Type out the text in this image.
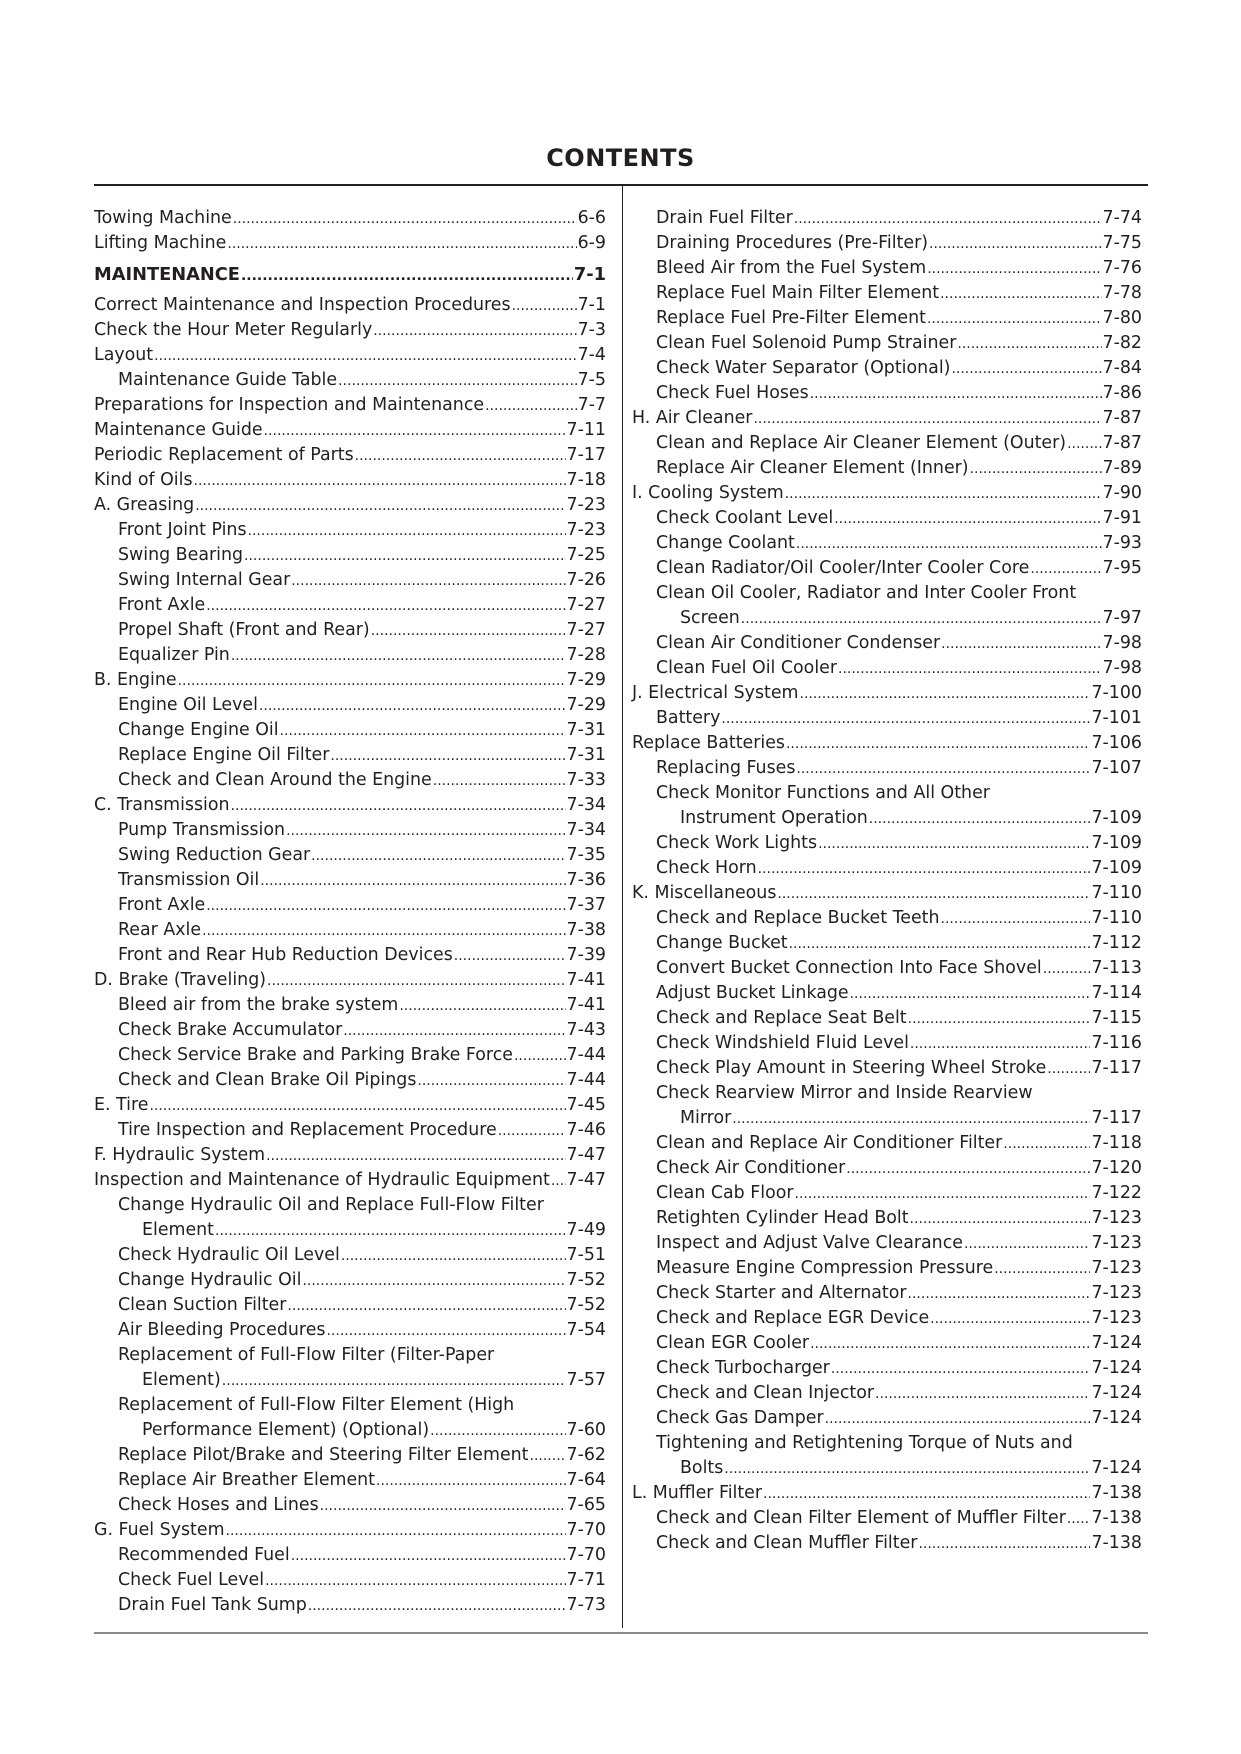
CONTENTS
Towing Machine .....	6-6
Lifting Machine .....	6-9
MAINTENANCE .....	7-1
Correct Maintenance and Inspection Procedures .....	7-1
Check the Hour Meter Regularly .....	7-3
Layout .....	7-4
Maintenance Guide Table .....	7-5
Preparations for Inspection and Maintenance .....	7-7
Maintenance Guide .....	7-11
Periodic Replacement of Parts .....	7-17
Kind of Oils .....	7-18
A. Greasing .....	7-23
Front Joint Pins .....	7-23
Swing Bearing .....	7-25
Swing Internal Gear .....	7-26
Front Axle .....	7-27
Propel Shaft (Front and Rear) .....	7-27
Equalizer Pin .....	7-28
B. Engine .....	7-29
Engine Oil Level .....	7-29
Change Engine Oil .....	7-31
Replace Engine Oil Filter .....	7-31
Check and Clean Around the Engine .....	7-33
C. Transmission .....	7-34
Pump Transmission .....	7-34
Swing Reduction Gear .....	7-35
Transmission Oil .....	7-36
Front Axle .....	7-37
Rear Axle .....	7-38
Front and Rear Hub Reduction Devices .....	7-39
D. Brake (Traveling) .....	7-41
Bleed air from the brake system .....	7-41
Check Brake Accumulator .....	7-43
Check Service Brake and Parking Brake Force .....	7-44
Check and Clean Brake Oil Pipings .....	7-44
E. Tire .....	7-45
Tire Inspection and Replacement Procedure .....	7-46
F. Hydraulic System .....	7-47
Inspection and Maintenance of Hydraulic Equipment ..... 7-47
Change Hydraulic Oil and Replace Full-Flow Filter
Element .....	7-49
Check Hydraulic Oil Level .....	7-51
Change Hydraulic Oil .....	7-52
Clean Suction Filter .....	7-52
Air Bleeding Procedures .....	7-54
Replacement of Full-Flow Filter (Filter-Paper
Element) .....	7-57
Replacement of Full-Flow Filter Element (High
Performance Element) (Optional) .....	7-60
Replace Pilot/Brake and Steering Filter Element ..... 7-62
Replace Air Breather Element .....	7-64
Check Hoses and Lines .....	7-65
G. Fuel System .....	7-70
Recommended Fuel .....	7-70
Check Fuel Level .....	7-71
Drain Fuel Tank Sump .....	7-73
Drain Fuel Filter .....	7-74
Draining Procedures (Pre-Filter) .....	7-75
Bleed Air from the Fuel System .....	7-76
Replace Fuel Main Filter Element .....	7-78
Replace Fuel Pre-Filter Element .....	7-80
Clean Fuel Solenoid Pump Strainer .....	7-82
Check Water Separator (Optional) .....	7-84
Check Fuel Hoses .....	7-86
H. Air Cleaner .....	7-87
Clean and Replace Air Cleaner Element (Outer) ..... 7-87
Replace Air Cleaner Element (Inner) .....	7-89
I. Cooling System .....	7-90
Check Coolant Level .....	7-91
Change Coolant .....	7-93
Clean Radiator/Oil Cooler/Inter Cooler Core .....	7-95
Clean Oil Cooler, Radiator and Inter Cooler Front
Screen .....	7-97
Clean Air Conditioner Condenser .....	7-98
Clean Fuel Oil Cooler .....	7-98
J. Electrical System .....	7-100
Battery .....	7-101
Replace Batteries .....	7-106
Replacing Fuses .....	7-107
Check Monitor Functions and All Other
Instrument Operation .....	7-109
Check Work Lights .....	7-109
Check Horn .....	7-109
K. Miscellaneous .....	7-110
Check and Replace Bucket Teeth .....	7-110
Change Bucket .....	7-112
Convert Bucket Connection Into Face Shovel .....	7-113
Adjust Bucket Linkage .....	7-114
Check and Replace Seat Belt .....	7-115
Check Windshield Fluid Level .....	7-116
Check Play Amount in Steering Wheel Stroke .....	7-117
Check Rearview Mirror and Inside Rearview
Mirror .....	7-117
Clean and Replace Air Conditioner Filter .....	7-118
Check Air Conditioner .....	7-120
Clean Cab Floor .....	7-122
Retighten Cylinder Head Bolt .....	7-123
Inspect and Adjust Valve Clearance .....	7-123
Measure Engine Compression Pressure .....	7-123
Check Starter and Alternator .....	7-123
Check and Replace EGR Device .....	7-123
Clean EGR Cooler .....	7-124
Check Turbocharger .....	7-124
Check and Clean Injector .....	7-124
Check Gas Damper .....	7-124
Tightening and Retightening Torque of Nuts and
Bolts .....	7-124
L. Muffler Filter .....	7-138
Check and Clean Filter Element of Muffler Filter ..... 7-138
Check and Clean Muffler Filter .....	7-138
